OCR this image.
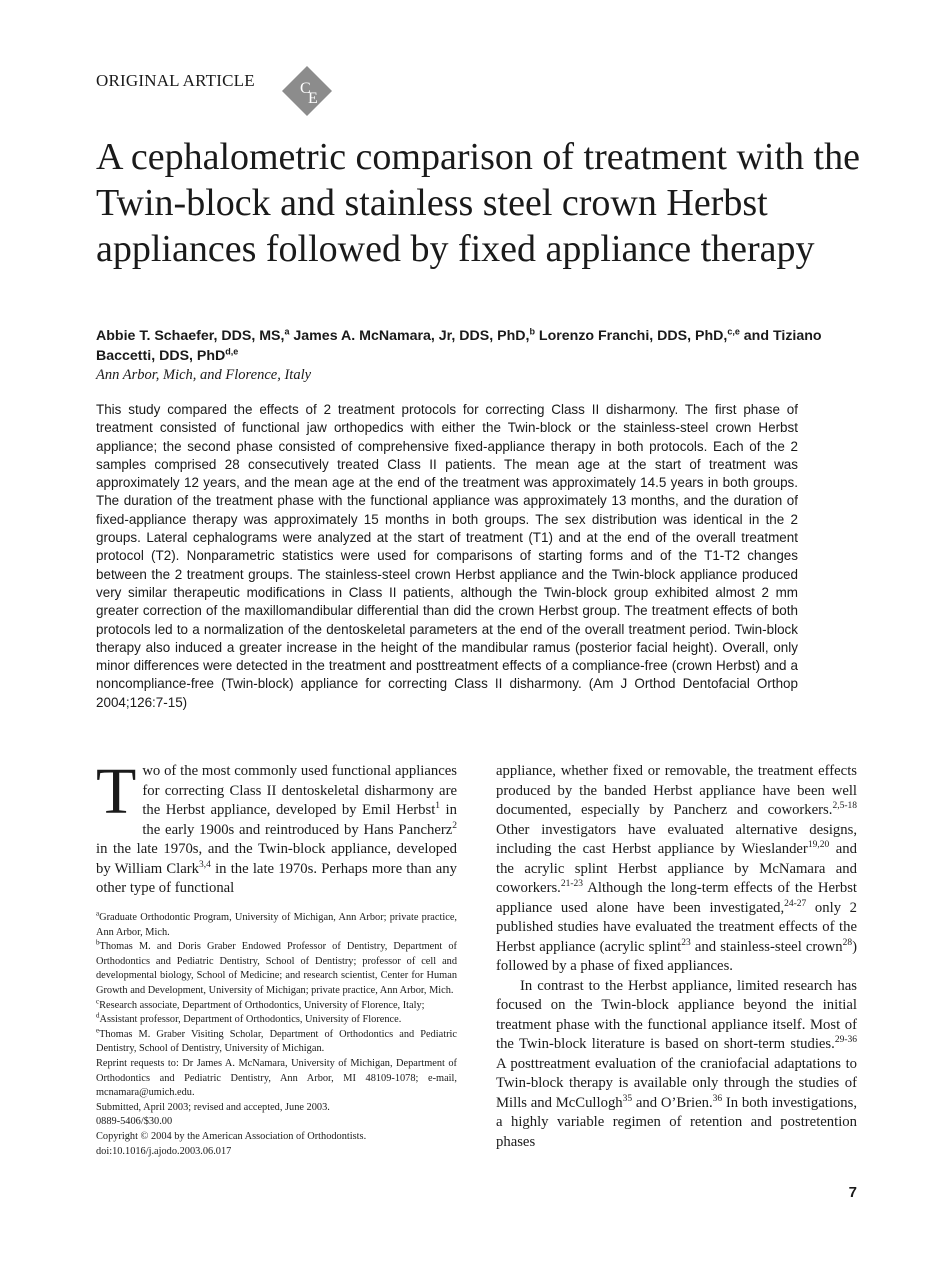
ORIGINAL ARTICLE	C
E
A cephalometric comparison of treatment with the Twin-block and stainless steel crown Herbst appliances followed by fixed appliance therapy
Abbie T. Schaefer, DDS, MS,$^a$ James A. McNamara, Jr, DDS, PhD,$^b$ Lorenzo Franchi, DDS, PhD,$^{c,e}$ and Tiziano Baccetti, DDS, PhD$^{d,e}$
Ann Arbor, Mich, and Florence, Italy

This study compared the effects of 2 treatment protocols for correcting Class II disharmony. The first phase of treatment consisted of functional jaw orthopedics with either the Twin-block or the stainless-steel crown Herbst appliance; the second phase consisted of comprehensive fixed-appliance therapy in both protocols. Each of the 2 samples comprised 28 consecutively treated Class II patients. The mean age at the start of treatment was approximately 12 years, and the mean age at the end of the treatment was approximately 14.5 years in both groups. The duration of the treatment phase with the functional appliance was approximately 13 months, and the duration of fixed-appliance therapy was approximately 15 months in both groups. The sex distribution was identical in the 2 groups. Lateral cephalograms were analyzed at the start of treatment (T1) and at the end of the overall treatment protocol (T2). Nonparametric statistics were used for comparisons of starting forms and of the T1-T2 changes between the 2 treatment groups. The stainless-steel crown Herbst appliance and the Twin-block appliance produced very similar therapeutic modifications in Class II patients, although the Twin-block group exhibited almost 2 mm greater correction of the maxillomandibular differential than did the crown Herbst group. The treatment effects of both protocols led to a normalization of the dentoskeletal parameters at the end of the overall treatment period. Twin-block therapy also induced a greater increase in the height of the mandibular ramus (posterior facial height). Overall, only minor differences were detected in the treatment and posttreatment effects of a compliance-free (crown Herbst) and a noncompliance-free (Twin-block) appliance for correcting Class II disharmony. (Am J Orthod Dentofacial Orthop 2004;126:7-15)

T wo of the most commonly used functional appliances for correcting Class II dentoskeletal disharmony are the Herbst appliance, developed by Emil Herbst$^1$ in the early 1900s and reintroduced by Hans Pancherz$^2$ in the late 1970s, and the Twin-block appliance, developed by William Clark$^{3,4}$ in the late 1970s. Perhaps more than any other type of functional

$^a$Graduate Orthodontic Program, University of Michigan, Ann Arbor; private practice, Ann Arbor, Mich.

$^b$Thomas M. and Doris Graber Endowed Professor of Dentistry, Department of Orthodontics and Pediatric Dentistry, School of Dentistry; professor of cell and developmental biology, School of Medicine; and research scientist, Center for Human Growth and Development, University of Michigan; private practice, Ann Arbor, Mich.

$^c$Research associate, Department of Orthodontics, University of Florence, Italy;

$^d$Assistant professor, Department of Orthodontics, University of Florence.

$^e$Thomas M. Graber Visiting Scholar, Department of Orthodontics and Pediatric Dentistry, School of Dentistry, University of Michigan.

Reprint requests to: Dr James A. McNamara, University of Michigan, Department of Orthodontics and Pediatric Dentistry, Ann Arbor, MI 48109-1078; e-mail, mcnamara@umich.edu.

Submitted, April 2003; revised and accepted, June 2003.

0889-5406/$30.00

Copyright © 2004 by the American Association of Orthodontists.

doi:10.1016/j.ajodo.2003.06.017

appliance, whether fixed or removable, the treatment effects produced by the banded Herbst appliance have been well documented, especially by Pancherz and coworkers.$^{2,5-18}$ Other investigators have evaluated alternative designs, including the cast Herbst appliance by Wieslander$^{19,20}$ and the acrylic splint Herbst appliance by McNamara and coworkers.$^{21-23}$ Although the long-term effects of the Herbst appliance used alone have been investigated,$^{24-27}$ only 2 published studies have evaluated the treatment effects of the Herbst appliance (acrylic splint$^{23}$ and stainless-steel crown$^{28}$) followed by a phase of fixed appliances.

In contrast to the Herbst appliance, limited research has focused on the Twin-block appliance beyond the initial treatment phase with the functional appliance itself. Most of the Twin-block literature is based on short-term studies.$^{29-36}$ A posttreatment evaluation of the craniofacial adaptations to Twin-block therapy is available only through the studies of Mills and McCullogh$^{35}$ and O’Brien.$^{36}$ In both investigations, a highly variable regimen of retention and postretention phases

7
